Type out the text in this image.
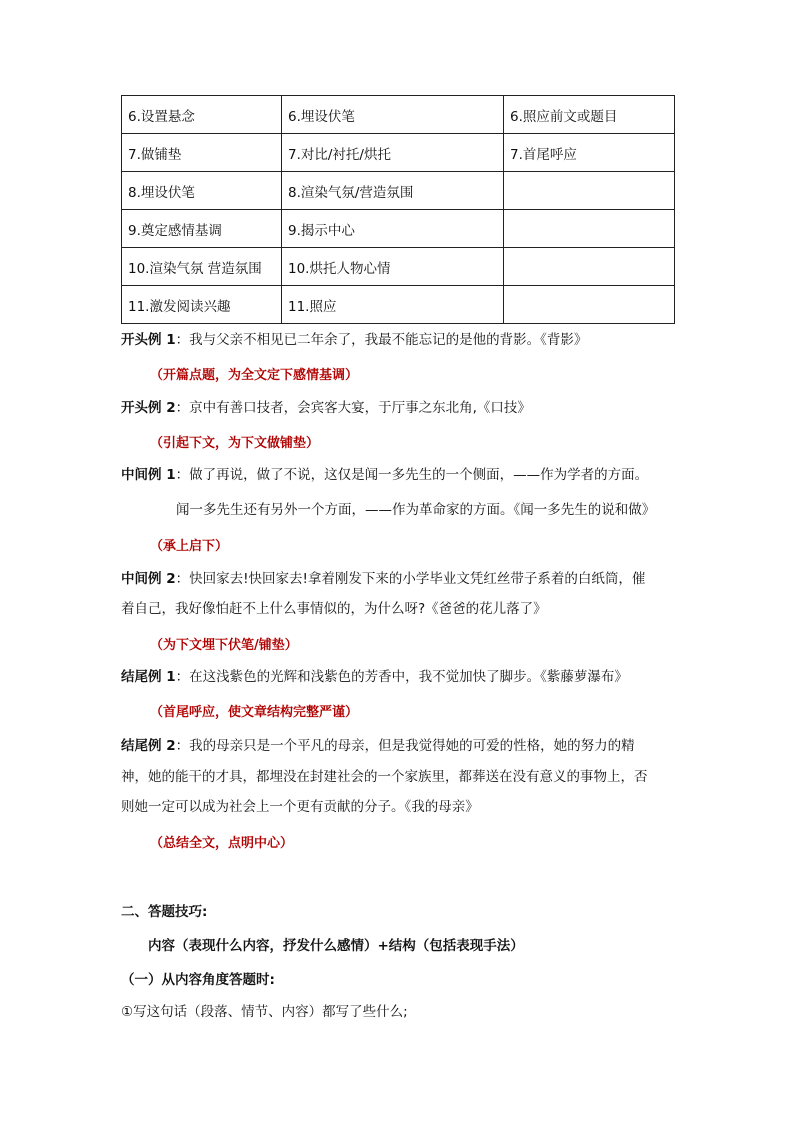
6.设置悬念	6.埋设伏笔	6.照应前文或题目
7.做铺垫	7.对比/衬托/烘托	7.首尾呼应
8.埋设伏笔	8.渲染气氛/营造氛围	
9.奠定感情基调	9.揭示中心	
10.渲染气氛 营造氛围	10.烘托人物心情	
11.激发阅读兴趣	11.照应	
开头例 1：我与父亲不相见已二年余了，我最不能忘记的是他的背影。《背影》
（开篇点题，为全文定下感情基调）
开头例 2：京中有善口技者，会宾客大宴，于厅事之东北角,《口技》
（引起下文，为下文做铺垫）
中间例 1：做了再说，做了不说，这仅是闻一多先生的一个侧面，——作为学者的方面。
闻一多先生还有另外一个方面，——作为革命家的方面。《闻一多先生的说和做》
（承上启下）
中间例 2：快回家去!快回家去!拿着刚发下来的小学毕业文凭红丝带子系着的白纸筒，催
着自己，我好像怕赶不上什么事情似的，为什么呀?《爸爸的花儿落了》
（为下文埋下伏笔/铺垫）
结尾例 1：在这浅紫色的光辉和浅紫色的芳香中，我不觉加快了脚步。《紫藤萝瀑布》
（首尾呼应，使文章结构完整严谨）
结尾例 2：我的母亲只是一个平凡的母亲，但是我觉得她的可爱的性格，她的努力的精
神，她的能干的才具，都埋没在封建社会的一个家族里，都葬送在没有意义的事物上，否
则她一定可以成为社会上一个更有贡献的分子。《我的母亲》
（总结全文，点明中心）
二、答题技巧:
内容（表现什么内容，抒发什么感情）+结构（包括表现手法）
（一）从内容角度答题时:
①写这句话（段落、情节、内容）都写了些什么;
